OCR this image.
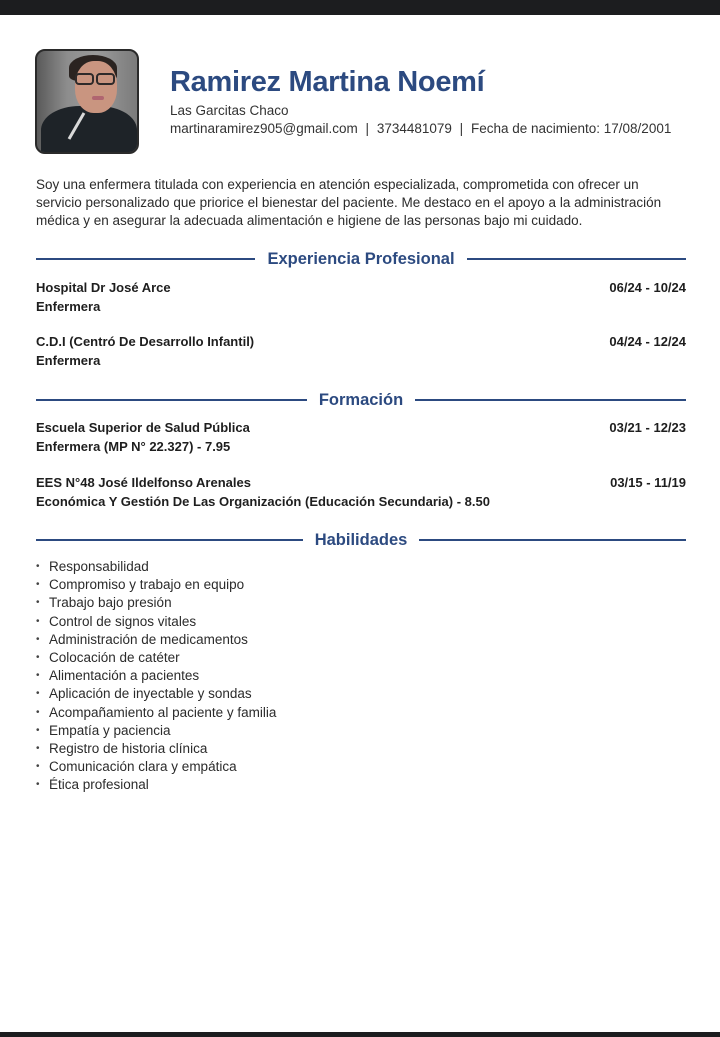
Ramirez Martina Noemí
Las Garcitas Chaco
martinaramirez905@gmail.com | 3734481079 | Fecha de nacimiento: 17/08/2001

Soy una enfermera titulada con experiencia en atención especializada, comprometida con ofrecer un servicio personalizado que priorice el bienestar del paciente. Me destaco en el apoyo a la administración médica y en asegurar la adecuada alimentación e higiene de las personas bajo mi cuidado.

Experiencia Profesional
Hospital Dr José Arce	06/24 - 10/24
Enfermera
C.D.I (Centró De Desarrollo Infantil)	04/24 - 12/24
Enfermera
Formación
Escuela Superior de Salud Pública	03/21 - 12/23
Enfermera (MP N° 22.327) - 7.95
EES N°48 José Ildelfonso Arenales	03/15 - 11/19
Económica Y Gestión De Las Organización (Educación Secundaria) - 8.50
Habilidades
• Responsabilidad
• Compromiso y trabajo en equipo
• Trabajo bajo presión
• Control de signos vitales
• Administración de medicamentos
• Colocación de catéter
• Alimentación a pacientes
• Aplicación de inyectable y sondas
• Acompañamiento al paciente y familia
• Empatía y paciencia
• Registro de historia clínica
• Comunicación clara y empática
• Ética profesional
